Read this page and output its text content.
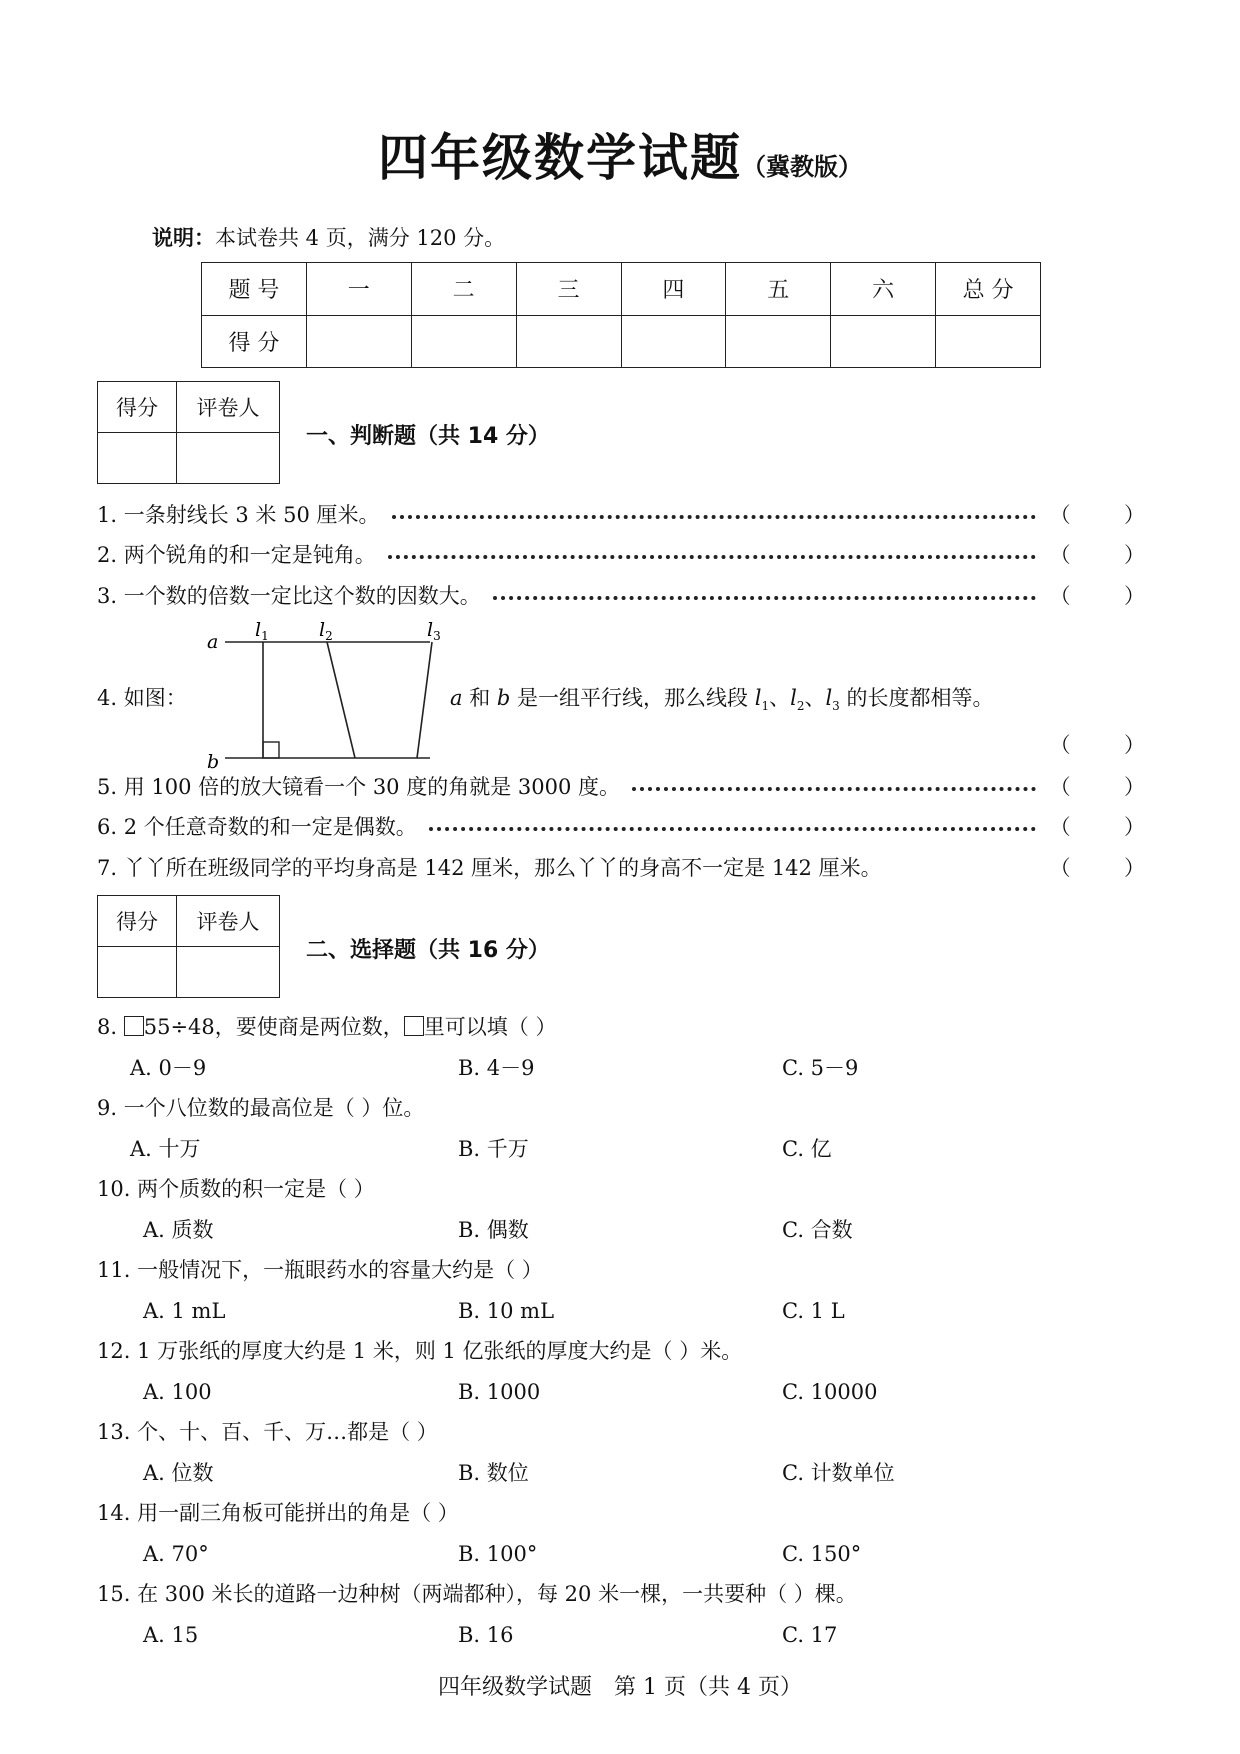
四年级数学试题（冀教版）
说明：本试卷共 4 页，满分 120 分。
题 号	一	二	三	四	五	六	总 分
得 分							
得分	评卷人

一、判断题（共 14 分）
1. 一条射线长 3 米 50 厘米。	（        ）
2. 两个锐角的和一定是钝角。	（        ）
3. 一个数的倍数一定比这个数的因数大。	（        ）
4. 如图：
a
b
$l_1$	$l_2$	$l_3$
a 和 b 是一组平行线，那么线段 $l_1$、$l_2$、$l_3$ 的长度都相等。
（        ）
5. 用 100 倍的放大镜看一个 30 度的角就是 3000 度。	（        ）
6. 2 个任意奇数的和一定是偶数。	（        ）
7. 丫丫所在班级同学的平均身高是 142 厘米，那么丫丫的身高不一定是 142 厘米。	（        ）
得分	评卷人

二、选择题（共 16 分）
8. 55÷48，要使商是两位数， 里可以填（ ）
A. 0－9	B. 4－9	C. 5－9
9. 一个八位数的最高位是（ ）位。
A. 十万	B. 千万	C. 亿
10. 两个质数的积一定是（ ）
A. 质数	B. 偶数	C. 合数
11. 一般情况下，一瓶眼药水的容量大约是（ ）
A. 1 mL	B. 10 mL	C. 1 L
12. 1 万张纸的厚度大约是 1 米，则 1 亿张纸的厚度大约是（ ）米。
A. 100	B. 1000	C. 10000
13. 个、十、百、千、万…都是（ ）
A. 位数	B. 数位	C. 计数单位
14. 用一副三角板可能拼出的角是（ ）
A. 70°	B. 100°	C. 150°
15. 在 300 米长的道路一边种树（两端都种），每 20 米一棵，一共要种（ ）棵。
A. 15	B. 16	C. 17
四年级数学试题　第 1 页（共 4 页）
